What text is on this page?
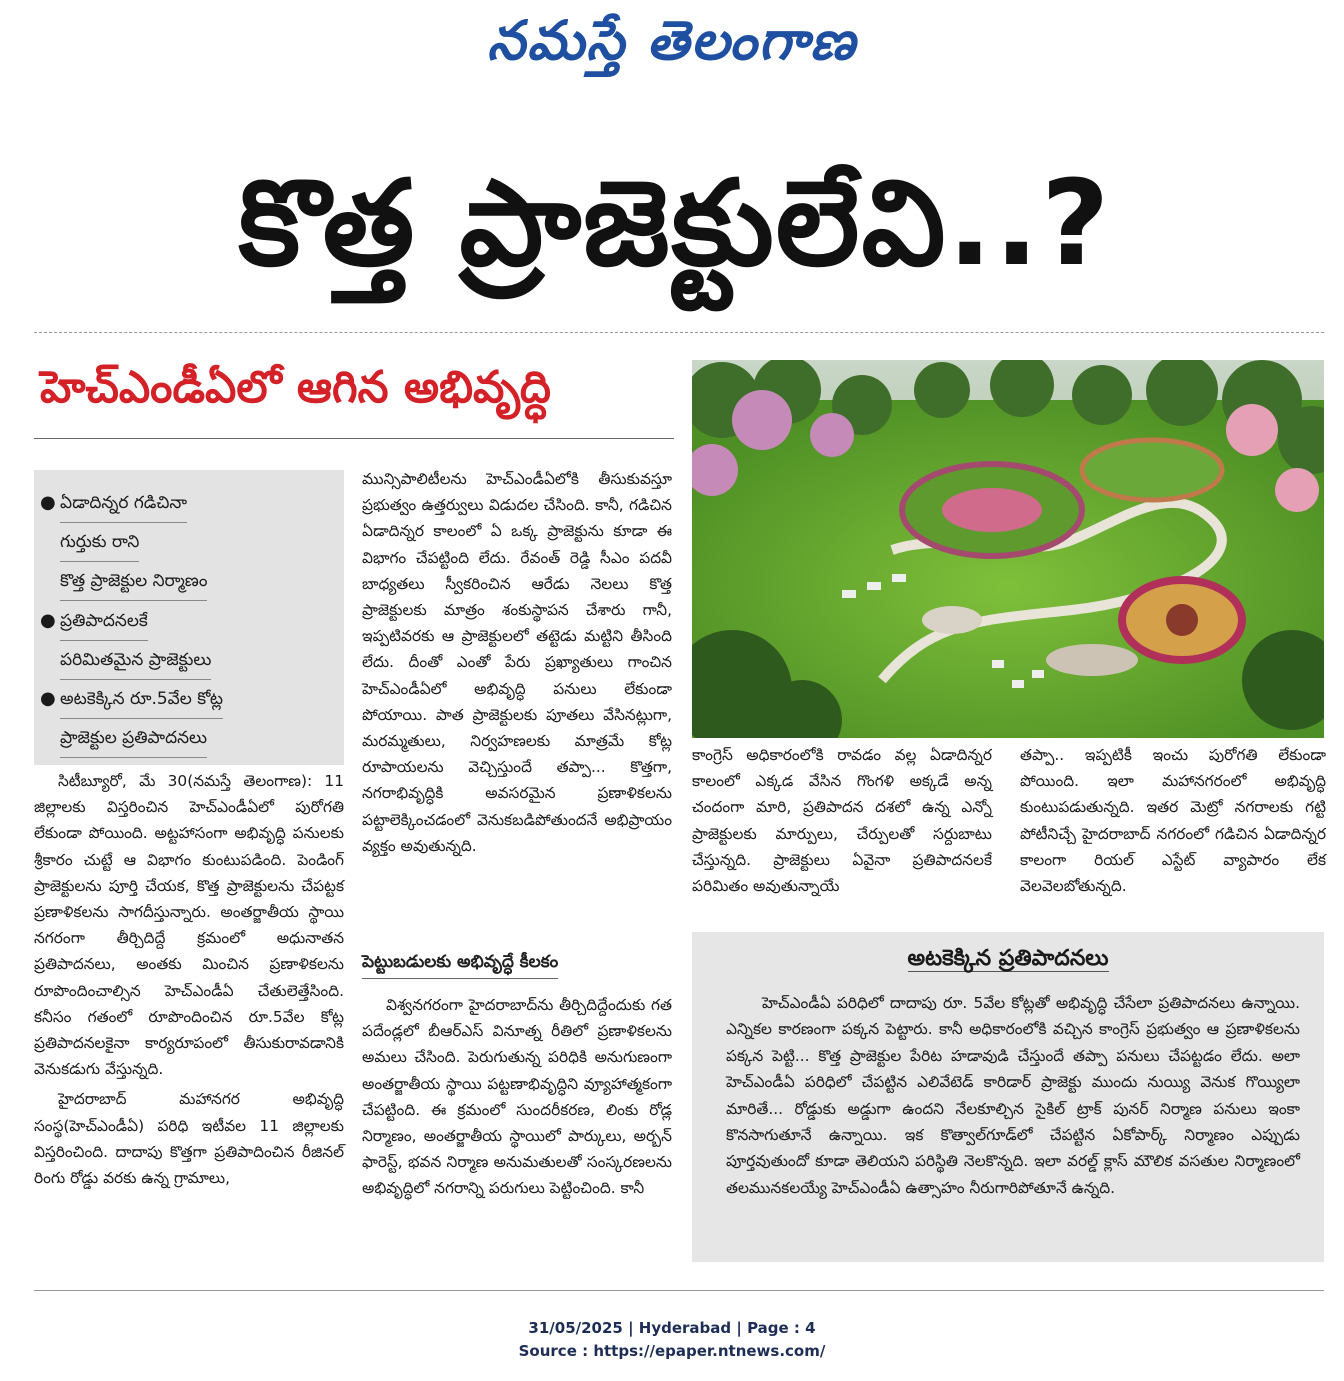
నమస్తే తెలంగాణ
కొత్త ప్రాజెక్టులేవి..?
హెచ్‌ఎండీఏలో ఆగిన అభివృద్ధి
● ఏడాదిన్నర గడిచినా
గుర్తుకు రాని
కొత్త ప్రాజెక్టుల నిర్మాణం
● ప్రతిపాదనలకే
పరిమితమైన ప్రాజెక్టులు
● అటకెక్కిన రూ.5వేల కోట్ల
ప్రాజెక్టుల ప్రతిపాదనలు

సిటీబ్యూరో, మే 30(నమస్తే తెలంగాణ): 11 జిల్లాలకు విస్తరించిన హెచ్‌ఎండీఏలో పురోగతి లేకుండా పోయింది. అట్టహాసంగా అభివృద్ధి పనులకు శ్రీకారం చుట్టే ఆ విభాగం కుంటుపడింది. పెండింగ్ ప్రాజెక్టులను పూర్తి చేయక, కొత్త ప్రాజెక్టులను చేపట్టక ప్రణాళికలను సాగదీస్తున్నారు. అంతర్జాతీయ స్థాయి నగరంగా తీర్చిదిద్దే క్రమంలో అధునాతన ప్రతిపాదనలు, అంతకు మించిన ప్రణాళికలను రూపొందించాల్సిన హెచ్‌ఎండీఏ చేతులెత్తేసింది. కనీసం గతంలో రూపొందించిన రూ.5వేల కోట్ల ప్రతిపాదనలకైనా కార్యరూపంలో తీసుకురావడానికి వెనుకడుగు వేస్తున్నది.

హైదరాబాద్ మహానగర అభివృద్ధి సంస్థ(హెచ్‌ఎండీఏ) పరిధి ఇటీవల 11 జిల్లాలకు విస్తరించింది. దాదాపు కొత్తగా ప్రతిపాదించిన రీజినల్ రింగు రోడ్డు వరకు ఉన్న గ్రామాలు,

మున్సిపాలిటీలను హెచ్‌ఎండీఏలోకి తీసుకువస్తూ ప్రభుత్వం ఉత్తర్వులు విడుదల చేసింది. కానీ, గడిచిన ఏడాదిన్నర కాలంలో ఏ ఒక్క ప్రాజెక్టును కూడా ఈ విభాగం చేపట్టింది లేదు. రేవంత్ రెడ్డి సీఎం పదవీ బాధ్యతలు స్వీకరించిన ఆరేడు నెలలు కొత్త ప్రాజెక్టులకు మాత్రం శంకుస్థాపన చేశారు గానీ, ఇప్పటివరకు ఆ ప్రాజెక్టులలో తట్టెడు మట్టిని తీసింది లేదు. దీంతో ఎంతో పేరు ప్రఖ్యాతులు గాంచిన హెచ్‌ఎండీఏలో అభివృద్ధి పనులు లేకుండా పోయాయి. పాత ప్రాజెక్టులకు పూతలు వేసినట్లుగా, మరమ్మతులు, నిర్వహణలకు మాత్రమే కోట్ల రూపాయలను వెచ్చిస్తుందే తప్పా... కొత్తగా, నగరాభివృద్ధికి అవసరమైన ప్రణాళికలను పట్టాలెక్కించడంలో వెనుకబడిపోతుందనే అభిప్రాయం వ్యక్తం అవుతున్నది.

పెట్టుబడులకు అభివృద్ధే కీలకం

విశ్వనగరంగా హైదరాబాద్‌ను తీర్చిదిద్దేందుకు గత పదేండ్లలో బీఆర్ఎస్ వినూత్న రీతిలో ప్రణాళికలను అమలు చేసింది. పెరుగుతున్న పరిధికి అనుగుణంగా అంతర్జాతీయ స్థాయి పట్టణాభివృద్ధిని వ్యూహాత్మకంగా చేపట్టింది. ఈ క్రమంలో సుందరీకరణ, లింకు రోడ్ల నిర్మాణం, అంతర్జాతీయ స్థాయిలో పార్కులు, అర్బన్ ఫారెస్ట్, భవన నిర్మాణ అనుమతులతో సంస్కరణలను అభివృద్ధిలో నగరాన్ని పరుగులు పెట్టించింది. కానీ

కాంగ్రెస్ అధికారంలోకి రావడం వల్ల ఏడాదిన్నర కాలంలో ఎక్కడ వేసిన గొంగళి అక్కడే అన్న చందంగా మారి, ప్రతిపాదన దశలో ఉన్న ఎన్నో ప్రాజెక్టులకు మార్పులు, చేర్పులతో సర్దుబాటు చేస్తున్నది. ప్రాజెక్టులు ఏవైనా ప్రతిపాదనలకే పరిమితం అవుతున్నాయే

తప్పా.. ఇప్పటికీ ఇంచు పురోగతి లేకుండా పోయింది. ఇలా మహానగరంలో అభివృద్ధి కుంటుపడుతున్నది. ఇతర మెట్రో నగరాలకు గట్టి పోటీనిచ్చే హైదరాబాద్ నగరంలో గడిచిన ఏడాదిన్నర కాలంగా రియల్ ఎస్టేట్ వ్యాపారం లేక వెలవెలబోతున్నది.

అటకెక్కిన ప్రతిపాదనలు

హెచ్‌ఎండీఏ పరిధిలో దాదాపు రూ. 5వేల కోట్లతో అభివృద్ధి చేసేలా ప్రతిపాదనలు ఉన్నాయి. ఎన్నికల కారణంగా పక్కన పెట్టారు. కానీ అధికారంలోకి వచ్చిన కాంగ్రెస్ ప్రభుత్వం ఆ ప్రణాళికలను పక్కన పెట్టి... కొత్త ప్రాజెక్టుల పేరిట హడావుడి చేస్తుందే తప్పా పనులు చేపట్టడం లేదు. అలా హెచ్‌ఎండీఏ పరిధిలో చేపట్టిన ఎలివేటెడ్ కారిడార్ ప్రాజెక్టు ముందు నుయ్యి వెనుక గొయ్యిలా మారితే... రోడ్డుకు అడ్డుగా ఉందని నేలకూల్చిన సైకిల్ ట్రాక్ పునర్ నిర్మాణ పనులు ఇంకా కొనసాగుతూనే ఉన్నాయి. ఇక కొత్వాల్‌గూడ్‌లో చేపట్టిన ఏకోపార్క్ నిర్మాణం ఎప్పుడు పూర్తవుతుందో కూడా తెలియని పరిస్థితి నెలకొన్నది. ఇలా వరల్డ్ క్లాస్ మౌలిక వసతుల నిర్మాణంలో తలమునకలయ్యే హెచ్‌ఎండీఏ ఉత్సాహం నీరుగారిపోతూనే ఉన్నది.

31/05/2025 | Hyderabad | Page : 4
Source : https://epaper.ntnews.com/
